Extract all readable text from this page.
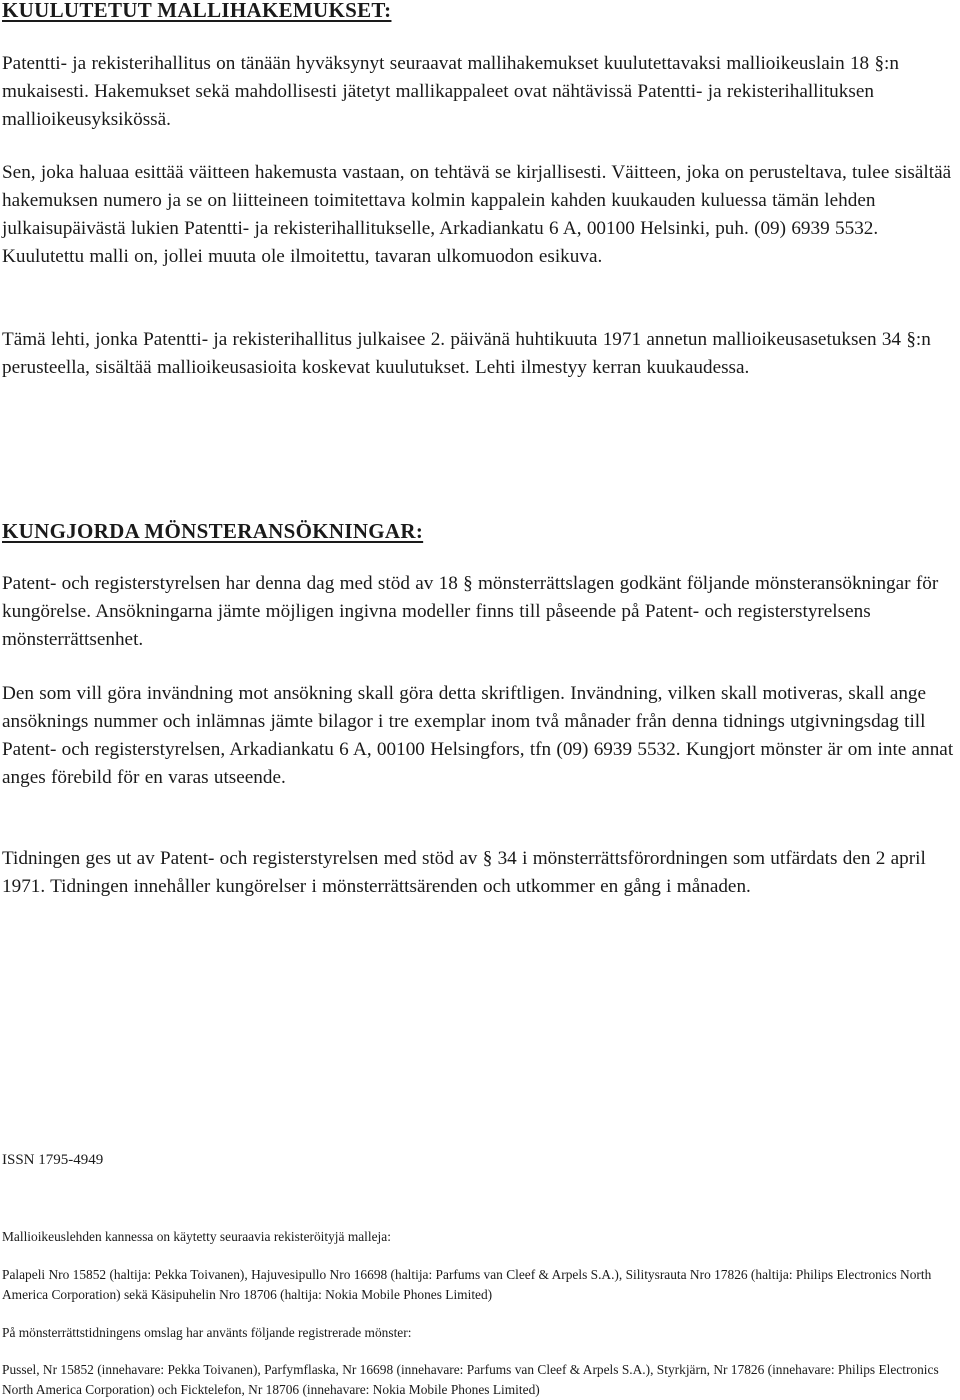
KUULUTETUT MALLIHAKEMUKSET:

Patentti- ja rekisterihallitus on tänään hyväksynyt seuraavat mallihakemukset kuulutettavaksi mallioikeuslain 18 §:n mukaisesti. Hakemukset sekä mahdollisesti jätetyt mallikappaleet ovat nähtävissä Patentti- ja rekisterihallituksen mallioikeusyksikössä.

Sen, joka haluaa esittää väitteen hakemusta vastaan, on tehtävä se kirjallisesti. Väitteen, joka on perusteltava, tulee sisältää hakemuksen numero ja se on liitteineen toimitettava kolmin kappalein kahden kuukauden kuluessa tämän lehden julkaisupäivästä lukien Patentti- ja rekisterihallitukselle, Arkadiankatu 6 A, 00100 Helsinki, puh. (09) 6939 5532. Kuulutettu malli on, jollei muuta ole ilmoitettu, tavaran ulkomuodon esikuva.

Tämä lehti, jonka Patentti- ja rekisterihallitus julkaisee 2. päivänä huhtikuuta 1971 annetun mallioikeusasetuksen 34 §:n perusteella, sisältää mallioikeusasioita koskevat kuulutukset. Lehti ilmestyy kerran kuukaudessa.

KUNGJORDA MÖNSTERANSÖKNINGAR:

Patent- och registerstyrelsen har denna dag med stöd av 18 § mönsterrättslagen godkänt följande mönsteransökningar för kungörelse. Ansökningarna jämte möjligen ingivna modeller finns till påseende på Patent- och registerstyrelsens mönsterrättsenhet.

Den som vill göra invändning mot ansökning skall göra detta skriftligen. Invändning, vilken skall motiveras, skall ange ansöknings nummer och inlämnas jämte bilagor i tre exemplar inom två månader från denna tidnings utgivningsdag till Patent- och registerstyrelsen, Arkadiankatu 6 A, 00100 Helsingfors, tfn (09) 6939 5532. Kungjort mönster är om inte annat anges förebild för en varas utseende.

Tidningen ges ut av Patent- och registerstyrelsen med stöd av § 34 i mönsterrättsförordningen som utfärdats den 2 april 1971. Tidningen innehåller kungörelser i mönsterrättsärenden och utkommer en gång i månaden.

ISSN 1795-4949

Mallioikeuslehden kannessa on käytetty seuraavia rekisteröityjä malleja:

Palapeli Nro 15852 (haltija: Pekka Toivanen), Hajuvesipullo Nro 16698 (haltija: Parfums van Cleef & Arpels S.A.), Silitysrauta Nro 17826 (haltija: Philips Electronics North America Corporation) sekä Käsipuhelin Nro 18706 (haltija: Nokia Mobile Phones Limited)

På mönsterrättstidningens omslag har använts följande registrerade mönster:

Pussel, Nr 15852 (innehavare: Pekka Toivanen), Parfymflaska, Nr 16698 (innehavare: Parfums van Cleef & Arpels S.A.), Styrkjärn, Nr 17826 (innehavare: Philips Electronics North America Corporation) och Ficktelefon, Nr 18706 (innehavare: Nokia Mobile Phones Limited)
